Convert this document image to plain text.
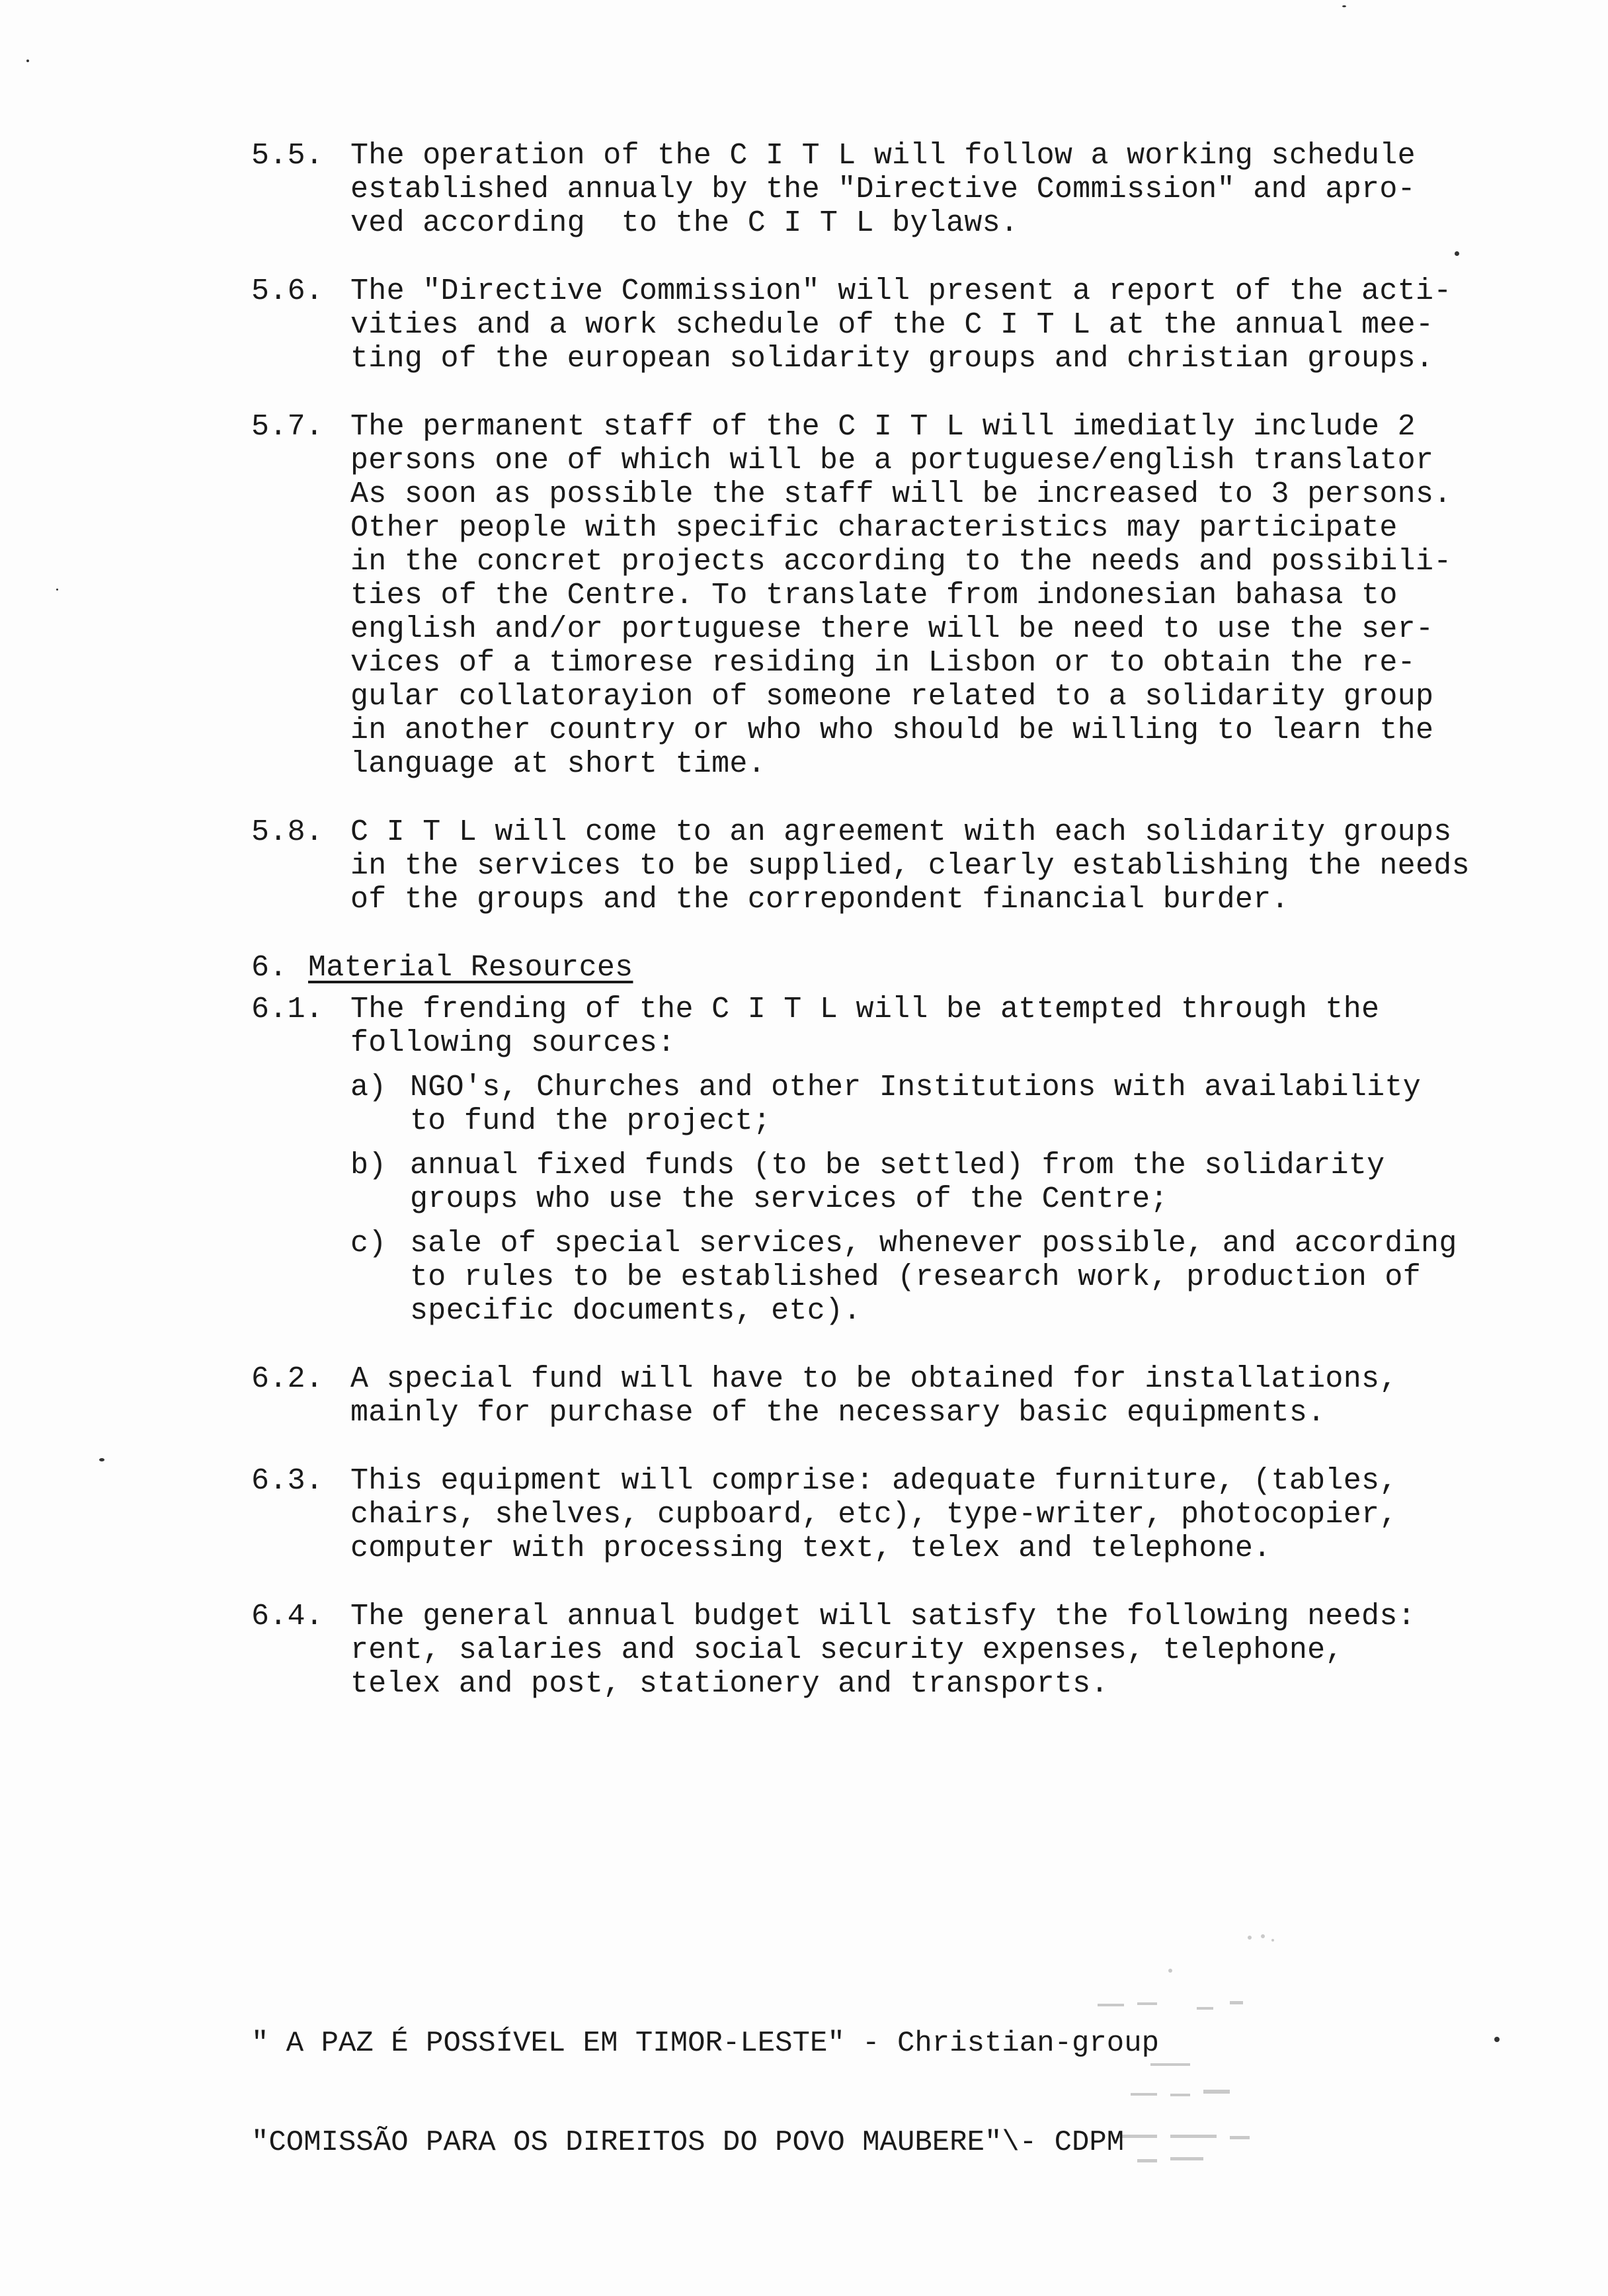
5.5. The operation of the C I T L will follow a working schedule
established annualy by the "Directive Commission" and apro-
ved according  to the C I T L bylaws.
5.6. The "Directive Commission" will present a report of the acti-
vities and a work schedule of the C I T L at the annual mee-
ting of the european solidarity groups and christian groups.
5.7. The permanent staff of the C I T L will imediatly include 2
persons one of which will be a portuguese/english translator
As soon as possible the staff will be increased to 3 persons.
Other people with specific characteristics may participate
in the concret projects according to the needs and possibili-
ties of the Centre. To translate from indonesian bahasa to
english and/or portuguese there will be need to use the ser-
vices of a timorese residing in Lisbon or to obtain the re-
gular collatorayion of someone related to a solidarity group
in another country or who who should be willing to learn the
language at short time.
5.8. C I T L will come to an agreement with each solidarity groups
in the services to be supplied, clearly establishing the needs
of the groups and the correpondent financial burder.
6. Material Resources
6.1. The frending of the C I T L will be attempted through the
following sources:
a) NGO's, Churches and other Institutions with availability
to fund the project;
b) annual fixed funds (to be settled) from the solidarity
groups who use the services of the Centre;
c) sale of special services, whenever possible, and according
to rules to be established (research work, production of
specific documents, etc).
6.2. A special fund will have to be obtained for installations,
mainly for purchase of the necessary basic equipments.
6.3. This equipment will comprise: adequate furniture, (tables,
chairs, shelves, cupboard, etc), type-writer, photocopier,
computer with processing text, telex and telephone.
6.4. The general annual budget will satisfy the following needs:
rent, salaries and social security expenses, telephone,
telex and post, stationery and transports.

" A PAZ É POSSÍVEL EM TIMOR-LESTE" - Christian-group

"COMISSÃO PARA OS DIREITOS DO POVO MAUBERE"\- CDPM
